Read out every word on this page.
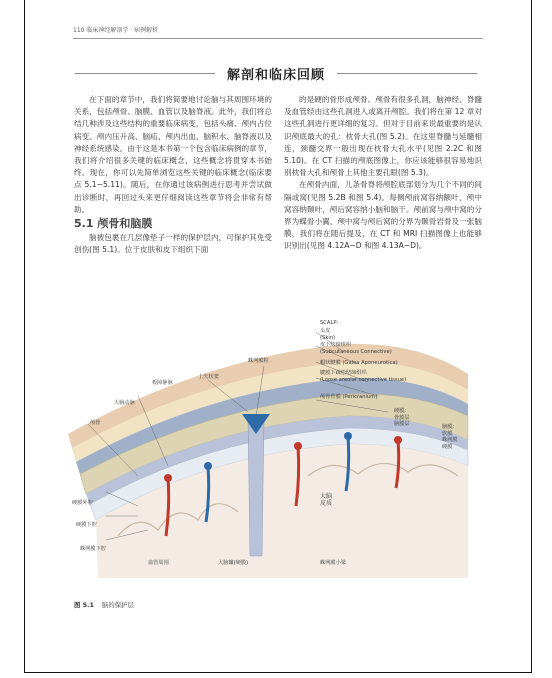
110 临床神经解剖学 · 病例解析
解剖和临床回顾

在下面的章节中，我们将简要地讨论脑与其周围环境的关系，包括颅骨、脑膜、血管以及脑脊液。此外，我们将总结几种涉及这些结构的重要临床病变，包括头痛、颅内占位病变、颅内压升高、脑疝、颅内出血、脑积水、脑脊液以及神经系统感染。由于这是本书第一个包含临床病例的章节，我们将介绍很多关键的临床概念，这些概念将贯穿本书始终。现在，你可以先简单浏览这些关键的临床概念(临床要点 5.1~5.11)。随后，在你通过该病例进行思考并尝试做出诊断时，再回过头来更仔细阅读这些章节将会非常有帮助。

5.1 颅骨和脑膜

脑被包裹在几层像垫子一样的保护层内，可保护其免受创伤(图 5.1)。位于皮肤和皮下组织下面

的是硬的骨形成颅骨。颅骨有很多孔洞，脑神经、脊髓及血管经由这些孔洞进入或离开颅腔。我们将在第 12 章对这些孔洞进行更详细的复习。但对于目前来说最重要的是认识颅底最大的孔：枕骨大孔(图 5.2)。在这里脊髓与延髓相连，颈髓交界一般出现在枕骨大孔水平(见图 2.2C 和图 5.10)。在 CT 扫描的颅底图像上，你应该能够很容易地识别枕骨大孔和颅骨上其他主要孔眼(图 5.3)。

在颅骨内面，儿条骨脊将颅腔底部划分为几个不同的间隔或窝(见图 5.2B 和图 5.4)。每侧颅前窝容纳额叶，颅中窝容纳颞叶，颅后窝容纳小脑和脑干。颅前窝与颅中窝的分界为蝶骨小翼，颅中窝与颅后窝的分界为颞骨岩骨及一张脑膜，我们将在随后提及，在 CT 和 MRI 扫描图像上也能够识别出(见图 4.12A~D 和图 4.13A~D)。

SCALP:
头皮
(Skin)
皮下结缔组织
(Subcutaneous Connective)
帽状腱膜 (Galea Aponeurotica)
腱膜下疏松结缔组织
(Loose areolar connective tissue)
颅骨骨膜 (Pericranium)
蛛网膜粒
上矢状窦
板障静脉
大脑动脉
颅骨
硬膜：
骨膜层
脑膜层	脑膜：
软膜
蛛网膜
硬膜
硬膜外腔
硬膜下腔
蛛网膜下腔
大脑
皮质
血管周围	大脑镰(硬膜)	蛛网膜小梁
图 5.1 脑的保护层
